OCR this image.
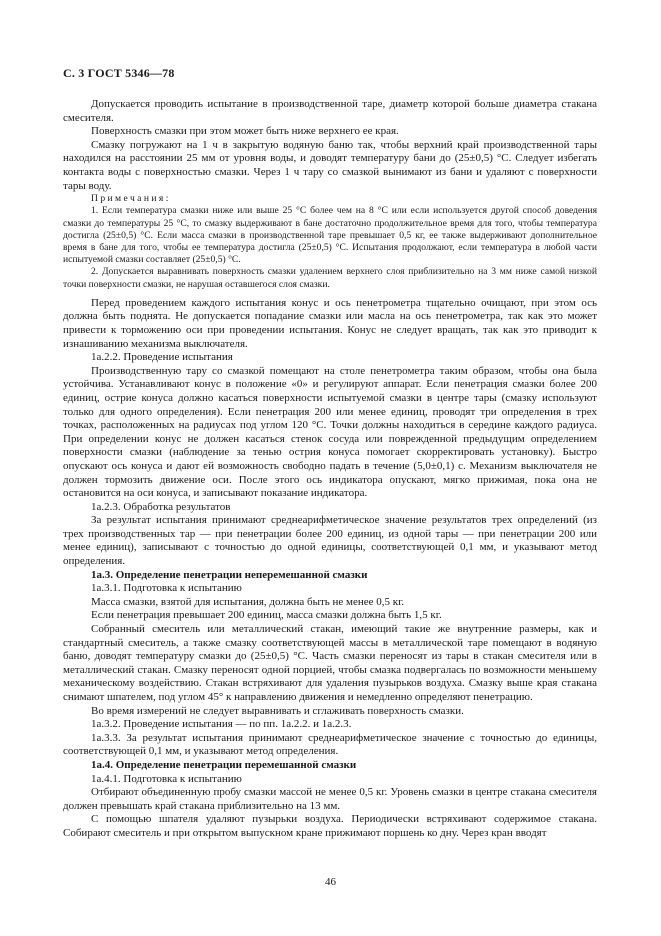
С. 3 ГОСТ 5346—78

Допускается проводить испытание в производственной таре, диаметр которой больше диаметра стакана смесителя.

Поверхность смазки при этом может быть ниже верхнего ее края.

Смазку погружают на 1 ч в закрытую водяную баню так, чтобы верхний край производственной тары находился на расстоянии 25 мм от уровня воды, и доводят температуру бани до (25±0,5) °С. Следует избегать контакта воды с поверхностью смазки. Через 1 ч тару со смазкой вынимают из бани и удаляют с поверхности тары воду.

Примечания:

1. Если температура смазки ниже или выше 25 °С более чем на 8 °С или если используется другой способ доведения смазки до температуры 25 °С, то смазку выдерживают в бане достаточно продолжительное время для того, чтобы температура достигла (25±0,5) °С. Если масса смазки в производственной таре превышает 0,5 кг, ее также выдерживают дополнительное время в бане для того, чтобы ее температура достигла (25±0,5) °С. Испытания продолжают, если температура в любой части испытуемой смазки составляет (25±0,5) °С.

2. Допускается выравнивать поверхность смазки удалением верхнего слоя приблизительно на 3 мм ниже самой низкой точки поверхности смазки, не нарушая оставшегося слоя смазки.

Перед проведением каждого испытания конус и ось пенетрометра тщательно очищают, при этом ось должна быть поднята. Не допускается попадание смазки или масла на ось пенетрометра, так как это может привести к торможению оси при проведении испытания. Конус не следует вращать, так как это приводит к изнашиванию механизма выключателя.

1а.2.2. Проведение испытания

Производственную тару со смазкой помещают на столе пенетрометра таким образом, чтобы она была устойчива. Устанавливают конус в положение «0» и регулируют аппарат. Если пенетрация смазки более 200 единиц, острие конуса должно касаться поверхности испытуемой смазки в центре тары (смазку используют только для одного определения). Если пенетрация 200 или менее единиц, проводят три определения в трех точках, расположенных на радиусах под углом 120 °С. Точки должны находиться в середине каждого радиуса. При определении конус не должен касаться стенок сосуда или поврежденной предыдущим определением поверхности смазки (наблюдение за тенью острия конуса помогает скорректировать установку). Быстро опускают ось конуса и дают ей возможность свободно падать в течение (5,0±0,1) с. Механизм выключателя не должен тормозить движение оси. После этого ось индикатора опускают, мягко прижимая, пока она не остановится на оси конуса, и записывают показание индикатора.

1а.2.3. Обработка результатов

За результат испытания принимают среднеарифметическое значение результатов трех определений (из трех производственных тар — при пенетрации более 200 единиц, из одной тары — при пенетрации 200 или менее единиц), записывают с точностью до одной единицы, соответствующей 0,1 мм, и указывают метод определения.

1а.3. Определение пенетрации неперемешанной смазки

1а.3.1. Подготовка к испытанию

Масса смазки, взятой для испытания, должна быть не менее 0,5 кг.

Если пенетрация превышает 200 единиц, масса смазки должна быть 1,5 кг.

Собранный смеситель или металлический стакан, имеющий такие же внутренние размеры, как и стандартный смеситель, а также смазку соответствующей массы в металлической таре помещают в водяную баню, доводят температуру смазки до (25±0,5) °С. Часть смазки переносят из тары в стакан смесителя или в металлический стакан. Смазку переносят одной порцией, чтобы смазка подвергалась по возможности меньшему механическому воздействию. Стакан встряхивают для удаления пузырьков воздуха. Смазку выше края стакана снимают шпателем, под углом 45° к направлению движения и немедленно определяют пенетрацию.

Во время измерений не следует выравнивать и сглаживать поверхность смазки.

1а.3.2. Проведение испытания — по пп. 1а.2.2. и 1а.2.3.

1а.3.3. За результат испытания принимают среднеарифметическое значение с точностью до единицы, соответствующей 0,1 мм, и указывают метод определения.

1а.4. Определение пенетрации перемешанной смазки

1а.4.1. Подготовка к испытанию

Отбирают объединенную пробу смазки массой не менее 0,5 кг. Уровень смазки в центре стакана смесителя должен превышать край стакана приблизительно на 13 мм.

С помощью шпателя удаляют пузырьки воздуха. Периодически встряхивают содержимое стакана. Собирают смеситель и при открытом выпускном кране прижимают поршень ко дну. Через кран вводят

46
